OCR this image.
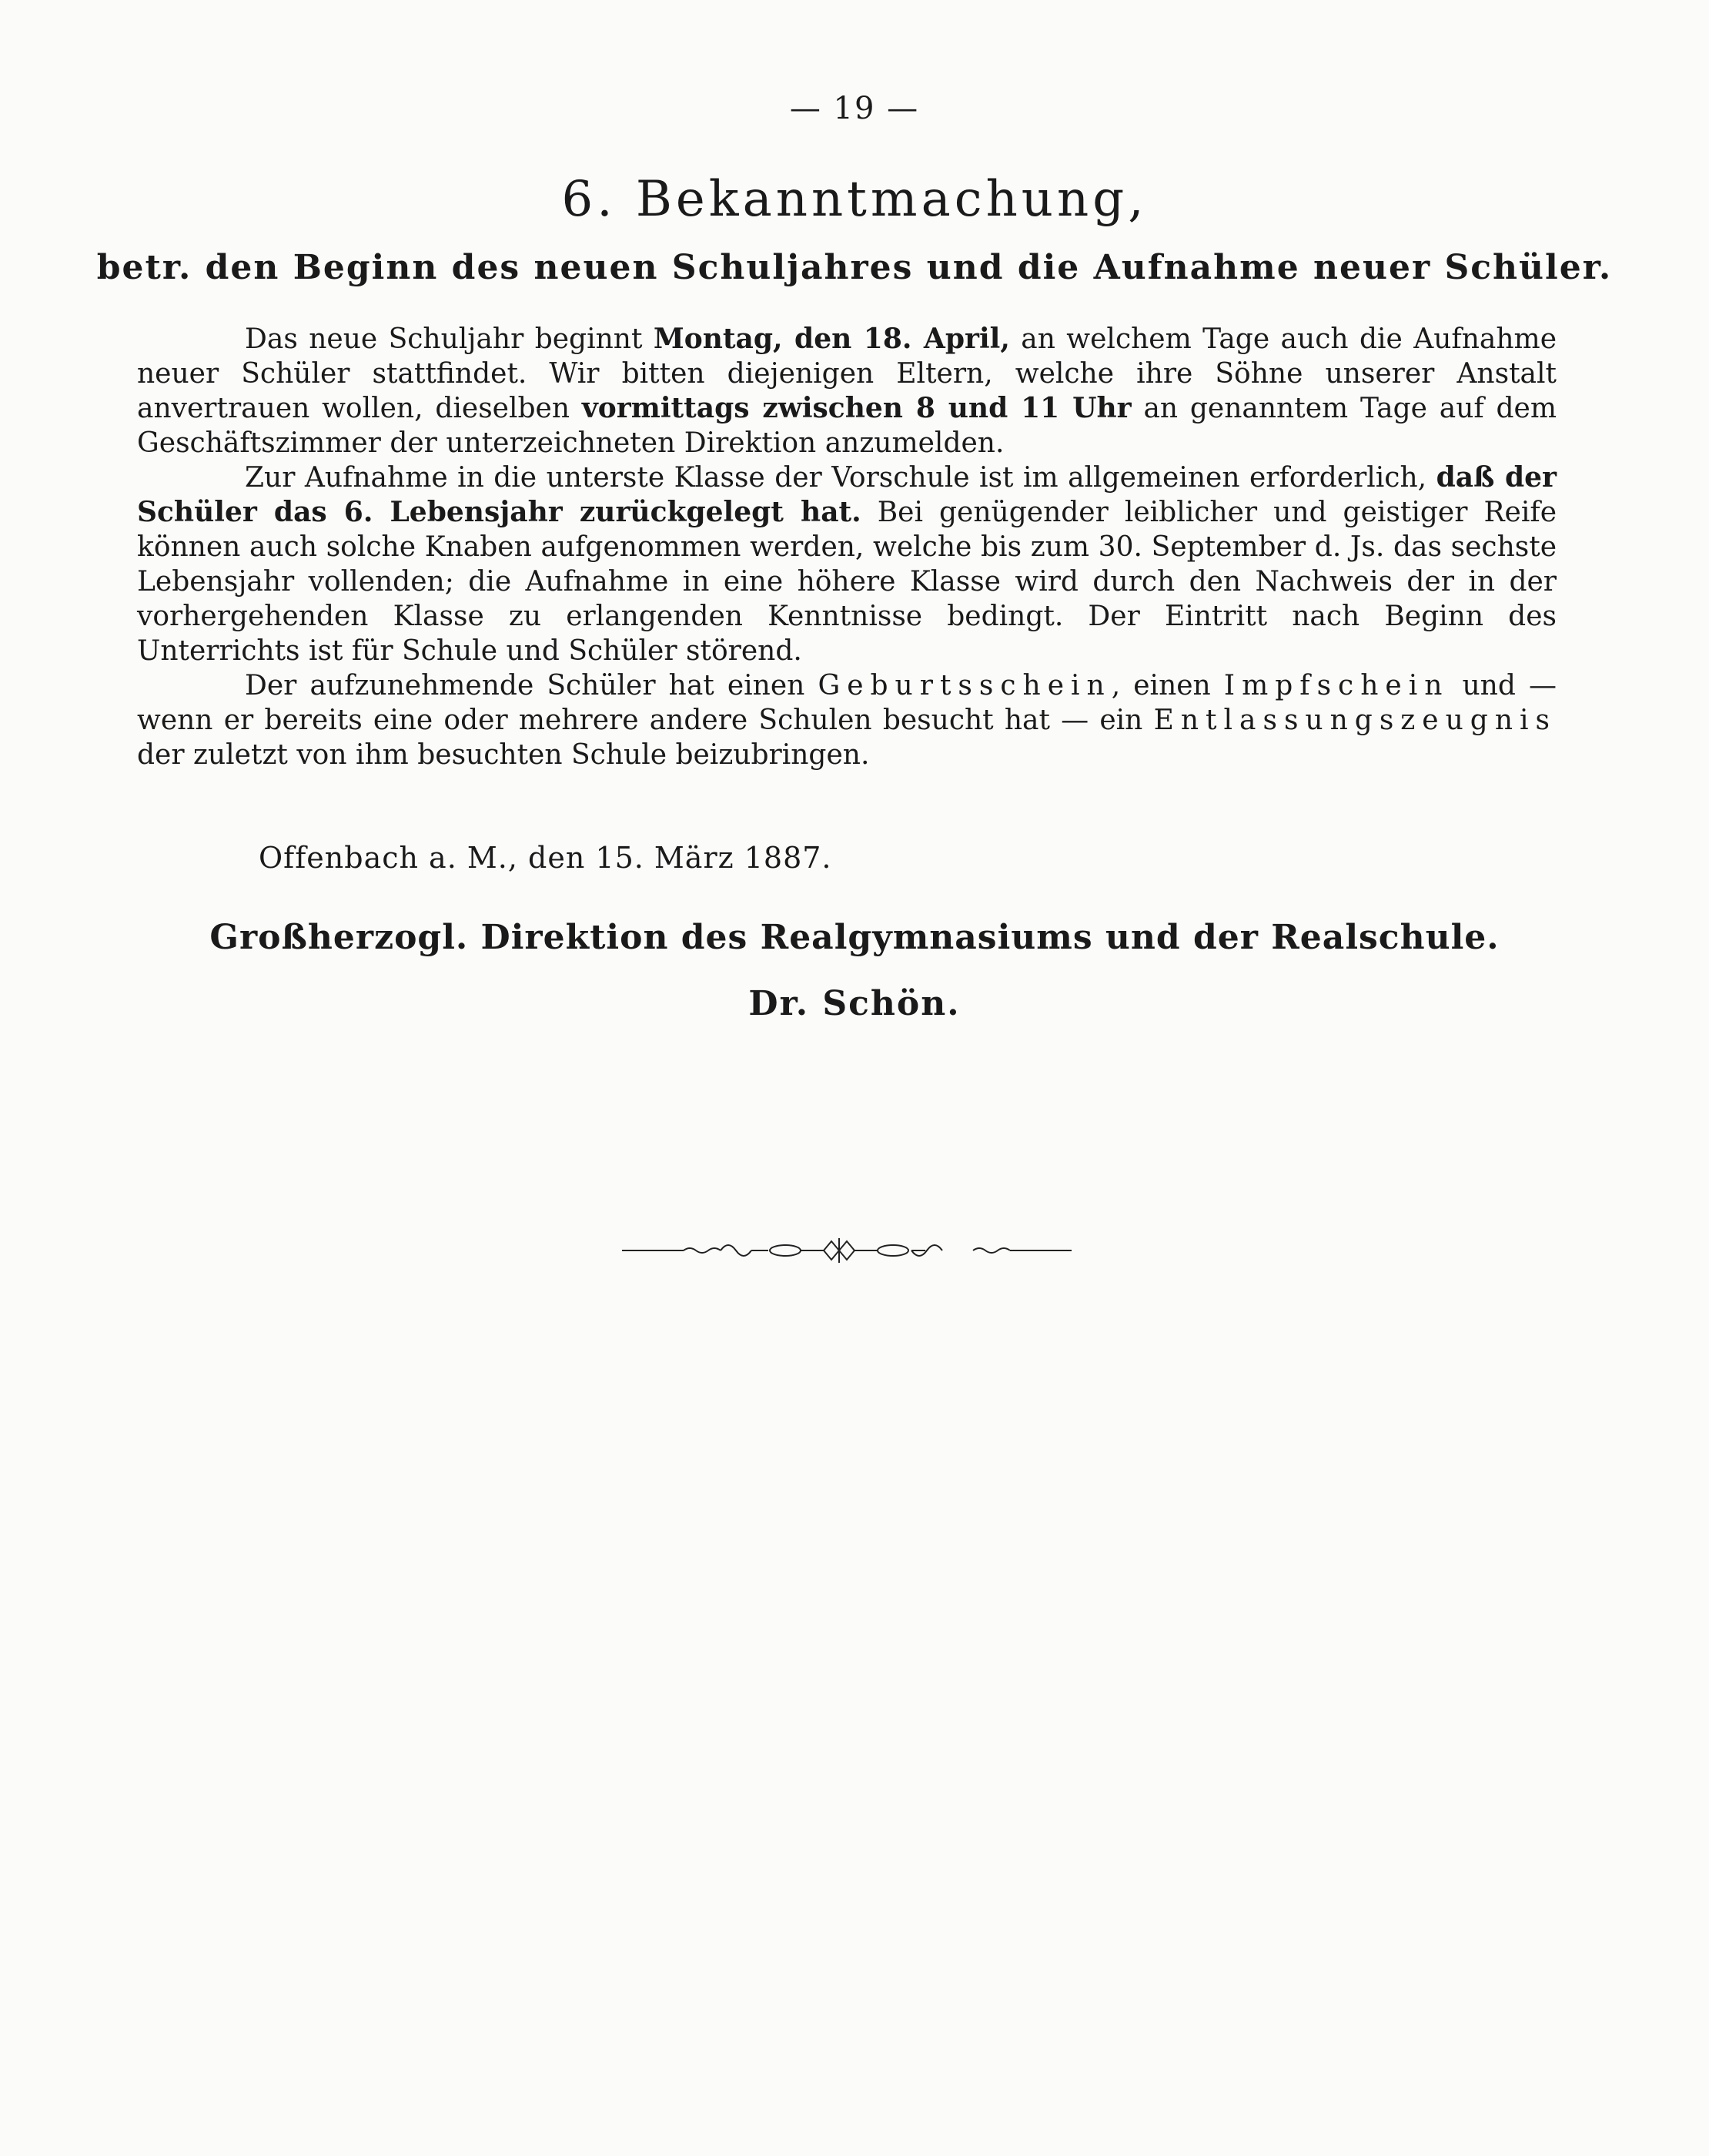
— 19 —
6. Bekanntmachung,
betr. den Beginn des neuen Schuljahres und die Aufnahme neuer Schüler.

Das neue Schuljahr beginnt Montag, den 18. April, an welchem Tage auch die Aufnahme neuer Schüler stattfindet. Wir bitten diejenigen Eltern, welche ihre Söhne unserer Anstalt anvertrauen wollen, dieselben vormittags zwischen 8 und 11 Uhr an genanntem Tage auf dem Geschäftszimmer der unterzeichneten Direktion anzumelden.

Zur Aufnahme in die unterste Klasse der Vorschule ist im allgemeinen erforderlich, daß der Schüler das 6. Lebensjahr zurückgelegt hat. Bei genügender leiblicher und geistiger Reife können auch solche Knaben aufgenommen werden, welche bis zum 30. September d. Js. das sechste Lebensjahr vollenden; die Aufnahme in eine höhere Klasse wird durch den Nachweis der in der vorhergehenden Klasse zu erlangenden Kenntnisse bedingt. Der Eintritt nach Beginn des Unterrichts ist für Schule und Schüler störend.

Der aufzunehmende Schüler hat einen Geburtsschein, einen Impfschein und — wenn er bereits eine oder mehrere andere Schulen besucht hat — ein Entlassungszeugnis der zuletzt von ihm besuchten Schule beizubringen.

Offenbach a. M., den 15. März 1887.
Großherzogl. Direktion des Realgymnasiums und der Realschule.
Dr. Schön.
